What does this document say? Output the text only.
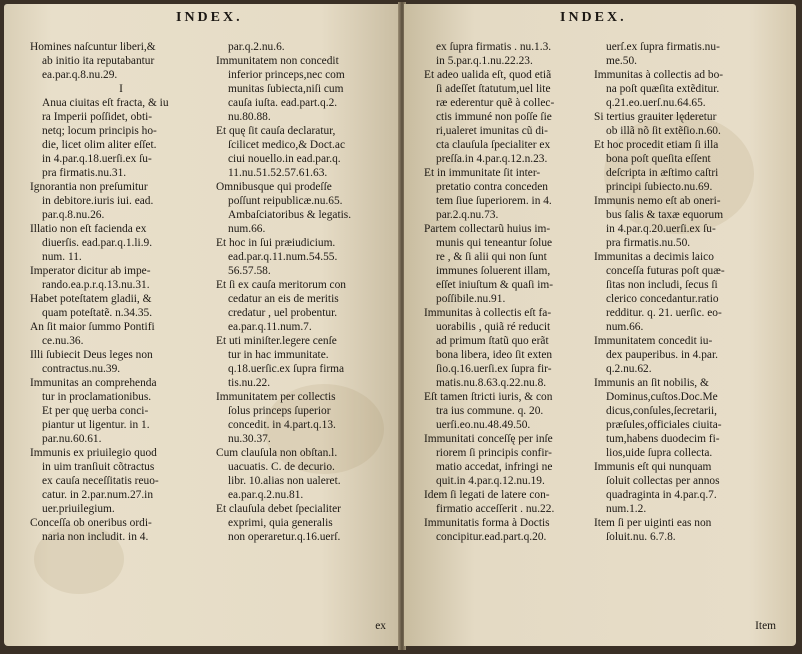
INDEX.
Homines naſcuntur liberi,&
ab initio ita reputabantur
ea.par.q.8.nu.29.
I
Anua ciuitas eſt fracta, & iu
ra Imperii poſſidet, obti-
netq; locum principis ho-
die, licet olim aliter eſſet.
in 4.par.q.18.uerſi.ex ſu-
pra firmatis.nu.31.
Ignorantia non preſumitur
in debitore.iuris iui. ead.
par.q.8.nu.26.
Illatio non eſt facienda ex
diuerſis. ead.par.q.1.li.9.
num. 11.
Imperator dicitur ab impe-
rando.ea.p.r.q.13.nu.31.
Habet poteſtatem gladii, &
quam poteſtatẽ. n.34.35.
An ſit maior ſummo Pontifi
ce.nu.36.
Illi ſubiecit Deus leges non
contractus.nu.39.
Immunitas an comprehenda
tur in proclamationibus.
Et per quę uerba conci-
piantur ut ligentur. in 1.
par.nu.60.61.
Immunis ex priuilegio quod
in uim tranſiuit cõtractus
ex cauſa neceſſitatis reuo-
catur. in 2.par.num.27.in
uer.priuilegium.
Conceſſa ob oneribus ordi-
naria non includit. in 4.
par.q.2.nu.6.
Immunitatem non concedit
inferior princeps,nec com
munitas ſubiecta,niſi cum
cauſa iuſta. ead.part.q.2.
nu.80.88.
Et quę ſit cauſa declaratur,
ſcilicet medico,& Doct.ac
ciui nouello.in ead.par.q.
11.nu.51.52.57.61.63.
Omnibusque qui prodeſſe
poſſunt reipublicæ.nu.65.
Ambaſciatoribus & legatis.
num.66.
Et hoc in ſui præiudicium.
ead.par.q.11.num.54.55.
56.57.58.
Et ſi ex cauſa meritorum con
cedatur an eis de meritis
credatur , uel probentur.
ea.par.q.11.num.7.
Et uti miniſter.legere cenſe
tur in hac immunitate.
q.18.uerſic.ex ſupra firma
tis.nu.22.
Immunitatem per collectis
ſolus princeps ſuperior
concedit. in 4.part.q.13.
nu.30.37.
Cum clauſula non obſtan.l.
uacuatis. C. de decurio.
libr. 10.alias non ualeret.
ea.par.q.2.nu.81.
Et clauſula debet ſpecialiter
exprimi, quia generalis
non operaretur.q.16.uerſ.
ex
INDEX.
ex ſupra firmatis . nu.1.3.
in 5.par.q.1.nu.22.23.
Et adeo ualida eſt, quod etiã
ſi adeſſet ſtatutum,uel lite
ræ ederentur quẽ à collec-
ctis immuné non poſſe ſie
ri,ualeret imunitas cũ di-
cta clauſula ſpecialiter ex
preſſa.in 4.par.q.12.n.23.
Et in immunitate ſit inter-
pretatio contra conceden
tem ſiue ſuperiorem. in 4.
par.2.q.nu.73.
Partem collectarũ huius im-
munis qui teneantur ſolue
re , & ſi alii qui non ſunt
immunes ſoluerent illam,
eſſet iniuſtum & quaſi im-
poſſibile.nu.91.
Immunitas à collectis eſt fa-
uorabilis , quiã ré reducit
ad primum ſtatũ quo erãt
bona libera, ideo ſit exten
ſio.q.16.uerſi.ex ſupra fir-
matis.nu.8.63.q.22.nu.8.
Eſt tamen ſtricti iuris, & con
tra ius commune. q. 20.
uerſi.eo.nu.48.49.50.
Immunitati conceſſę per inſe
riorem ſi principis confir-
matio accedat, infringi ne
quit.in 4.par.q.12.nu.19.
Idem ſi legati de latere con-
firmatio acceſſerit . nu.22.
Immunitatis forma à Doctis
concipitur.ead.part.q.20.
uerſ.ex ſupra firmatis.nu-
me.50.
Immunitas à collectis ad bo-
na poſt quæſita extẽditur.
q.21.eo.uerſ.nu.64.65.
Si tertius grauiter lęderetur
ob illã nõ ſit extẽſio.n.60.
Et hoc procedit etiam ſi illa
bona poſt queſita eſſent
deſcripta in æſtimo caſtri
principi ſubiecto.nu.69.
Immunis nemo eſt ab oneri-
bus ſalis & taxæ equorum
in 4.par.q.20.uerſi.ex ſu-
pra firmatis.nu.50.
Immunitas a decimis laico
conceſſa futuras poſt quæ-
ſitas non includi, ſecus ſi
clerico concedantur.ratio
redditur. q. 21. uerſic. eo-
num.66.
Immunitatem concedit iu-
dex pauperibus. in 4.par.
q.2.nu.62.
Immunis an ſit nobilis, &
Dominus,cuſtos.Doc.Me
dicus,conſules,ſecretarii,
præſules,officiales ciuita-
tum,habens duodecim fi-
lios,uide ſupra collecta.
Immunis eſt qui nunquam
ſoluit collectas per annos
quadraginta in 4.par.q.7.
num.1.2.
Item ſi per uiginti eas non
ſoluit.nu. 6.7.8.
Item
